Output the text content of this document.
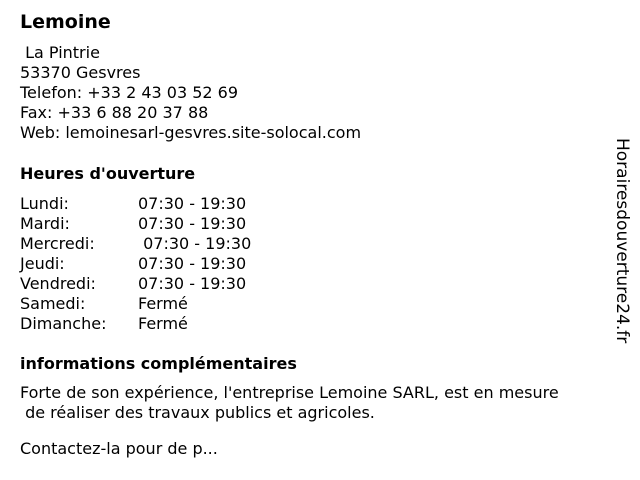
Lemoine
La Pintrie
53370 Gesvres
Telefon: +33 2 43 03 52 69
Fax: +33 6 88 20 37 88
Web: lemoinesarl-gesvres.site-solocal.com
Heures d'ouverture
Lundi:	07:30 - 19:30
Mardi:	07:30 - 19:30
Mercredi:	07:30 - 19:30
Jeudi:	07:30 - 19:30
Vendredi:	07:30 - 19:30
Samedi:	Fermé
Dimanche: Fermé
informations complémentaires
Forte de son expérience, l'entreprise Lemoine SARL, est en mesure
de réaliser des travaux publics et agricoles.
Contactez-la pour de p...
Horairesdouverture24.fr
